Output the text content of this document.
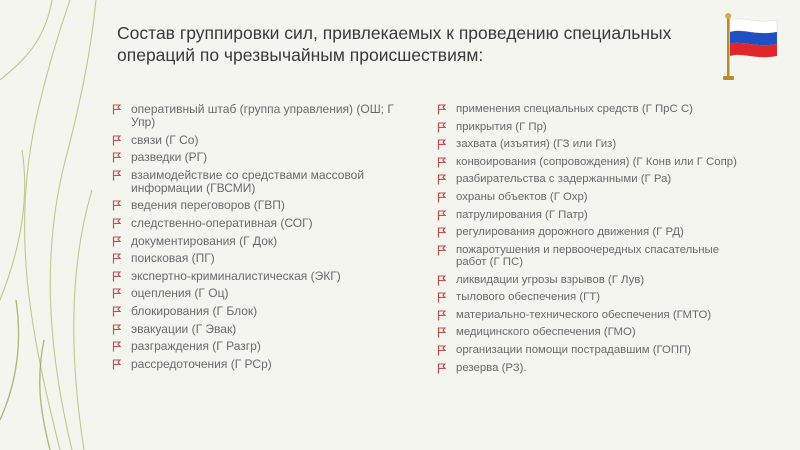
Состав группировки сил, привлекаемых к проведению специальных операций по чрезвычайным происшествиям:
оперативный штаб (группа управления) (ОШ; Г Упр)
связи (Г Со)
разведки (РГ)
взаимодействие со средствами массовой информации (ГВСМИ)
ведения переговоров (ГВП)
следственно-оперативная (СОГ)
документирования (Г Док)
поисковая (ПГ)
экспертно-криминалистическая (ЭКГ)
оцепления (Г Оц)
блокирования (Г Блок)
эвакуации (Г Эвак)
разграждения (Г Разгр)
рассредоточения (Г РСр)
применения специальных средств (Г ПрС С)
прикрытия (Г Пр)
захвата (изъятия) (ГЗ или Гиз)
конвоирования (сопровождения) (Г Конв или Г Сопр)
разбирательства с задержанными (Г Ра)
охраны объектов (Г Охр)
патрулирования (Г Патр)
регулирования дорожного движения (Г РД)
пожаротушения и первоочередных спасательные работ (Г ПС)
ликвидации угрозы взрывов (Г Лув)
тылового обеспечения (ГТ)
материально-технического обеспечения (ГМТО)
медицинского обеспечения (ГМО)
организации помощи пострадавшим (ГОПП)
резерва (РЗ).
